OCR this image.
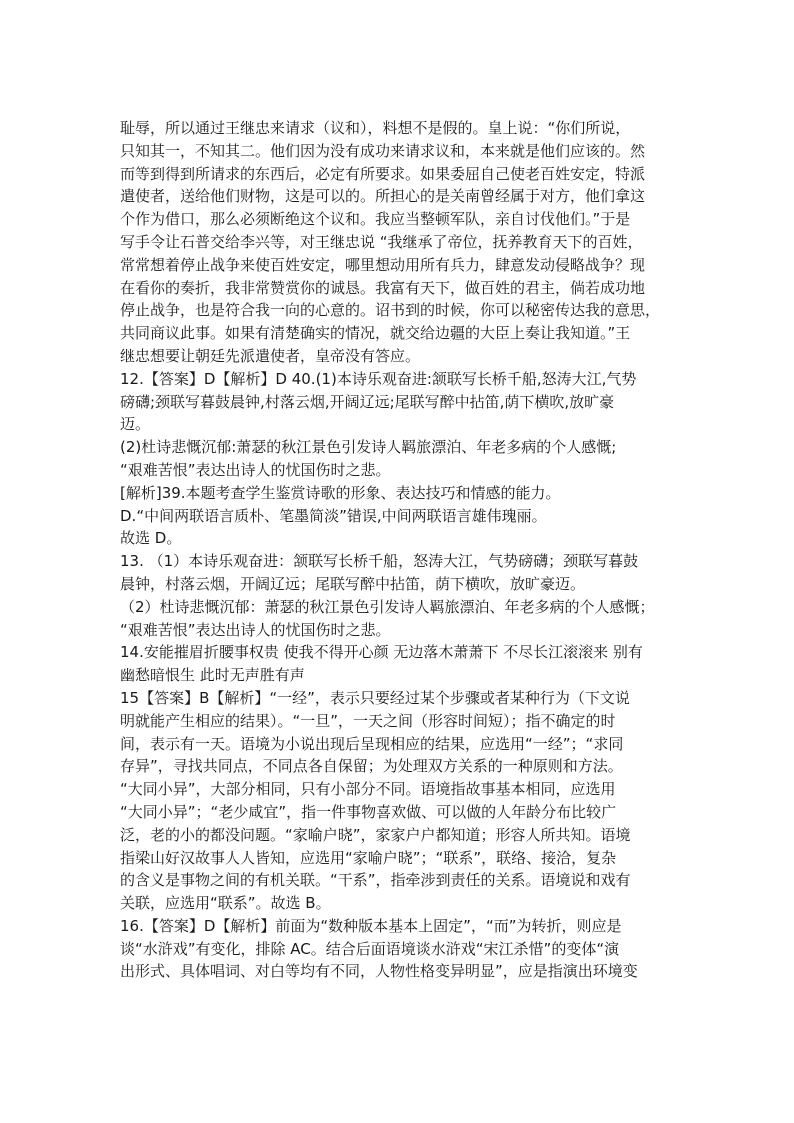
耻辱，所以通过王继忠来请求（议和），料想不是假的。皇上说：“你们所说，
只知其一，不知其二。他们因为没有成功来请求议和，本来就是他们应该的。然
而等到得到所请求的东西后，必定有所要求。如果委屈自己使老百姓安定，特派
遣使者，送给他们财物，这是可以的。所担心的是关南曾经属于对方，他们拿这
个作为借口，那么必须断绝这个议和。我应当整顿军队，亲自讨伐他们。”于是
写手令让石普交给李兴等，对王继忠说 “我继承了帝位，抚养教育天下的百姓，
常常想着停止战争来使百姓安定，哪里想动用所有兵力，肆意发动侵略战争？现
在看你的奏折，我非常赞赏你的诚恳。我富有天下，做百姓的君主，倘若成功地
停止战争，也是符合我一向的心意的。诏书到的时候，你可以秘密传达我的意思，
共同商议此事。如果有清楚确实的情况，就交给边疆的大臣上奏让我知道。”王
继忠想要让朝廷先派遣使者，皇帝没有答应。
12.【答案】D【解析】D 40.(1)本诗乐观奋进:颔联写长桥千船,怒涛大江,气势
磅礴;颈联写暮鼓晨钟,村落云烟,开阔辽远;尾联写醉中拈笛,荫下横吹,放旷豪
迈。
(2)杜诗悲慨沉郁:萧瑟的秋江景色引发诗人羁旅漂泊、年老多病的个人感慨;
“艰难苦恨”表达出诗人的忧国伤时之悲。
[解析]39.本题考查学生鉴赏诗歌的形象、表达技巧和情感的能力。
D.“中间两联语言质朴、笔墨简淡”错误,中间两联语言雄伟瑰丽。
故选 D。
13. （1）本诗乐观奋进：颔联写长桥千船，怒涛大江，气势磅礴；颈联写暮鼓
晨钟，村落云烟，开阔辽远；尾联写醉中拈笛，荫下横吹，放旷豪迈。
（2）杜诗悲慨沉郁：萧瑟的秋江景色引发诗人羁旅漂泊、年老多病的个人感慨；
“艰难苦恨”表达出诗人的忧国伤时之悲。
14.安能摧眉折腰事权贵 使我不得开心颜 无边落木萧萧下 不尽长江滚滚来 别有
幽愁暗恨生 此时无声胜有声
15【答案】B【解析】“一经”，表示只要经过某个步骤或者某种行为（下文说
明就能产生相应的结果）。“一旦”，一天之间（形容时间短）；指不确定的时
间，表示有一天。语境为小说出现后呈现相应的结果，应选用“一经”；“求同
存异”，寻找共同点，不同点各自保留；为处理双方关系的一种原则和方法。
“大同小异”，大部分相同，只有小部分不同。语境指故事基本相同，应选用
“大同小异”；“老少咸宜”，指一件事物喜欢做、可以做的人年龄分布比较广
泛，老的小的都没问题。“家喻户晓”，家家户户都知道；形容人所共知。语境
指梁山好汉故事人人皆知，应选用“家喻户晓”；“联系”，联络、接洽，复杂
的含义是事物之间的有机关联。“干系”，指牵涉到责任的关系。语境说和戏有
关联，应选用“联系”。故选 B。
16.【答案】D【解析】前面为“数种版本基本上固定”，“而”为转折，则应是
谈“水浒戏”有变化，排除 AC。结合后面语境谈水浒戏“宋江杀惜”的变体“演
出形式、具体唱词、对白等均有不同，人物性格变异明显”，应是指演出环境变
